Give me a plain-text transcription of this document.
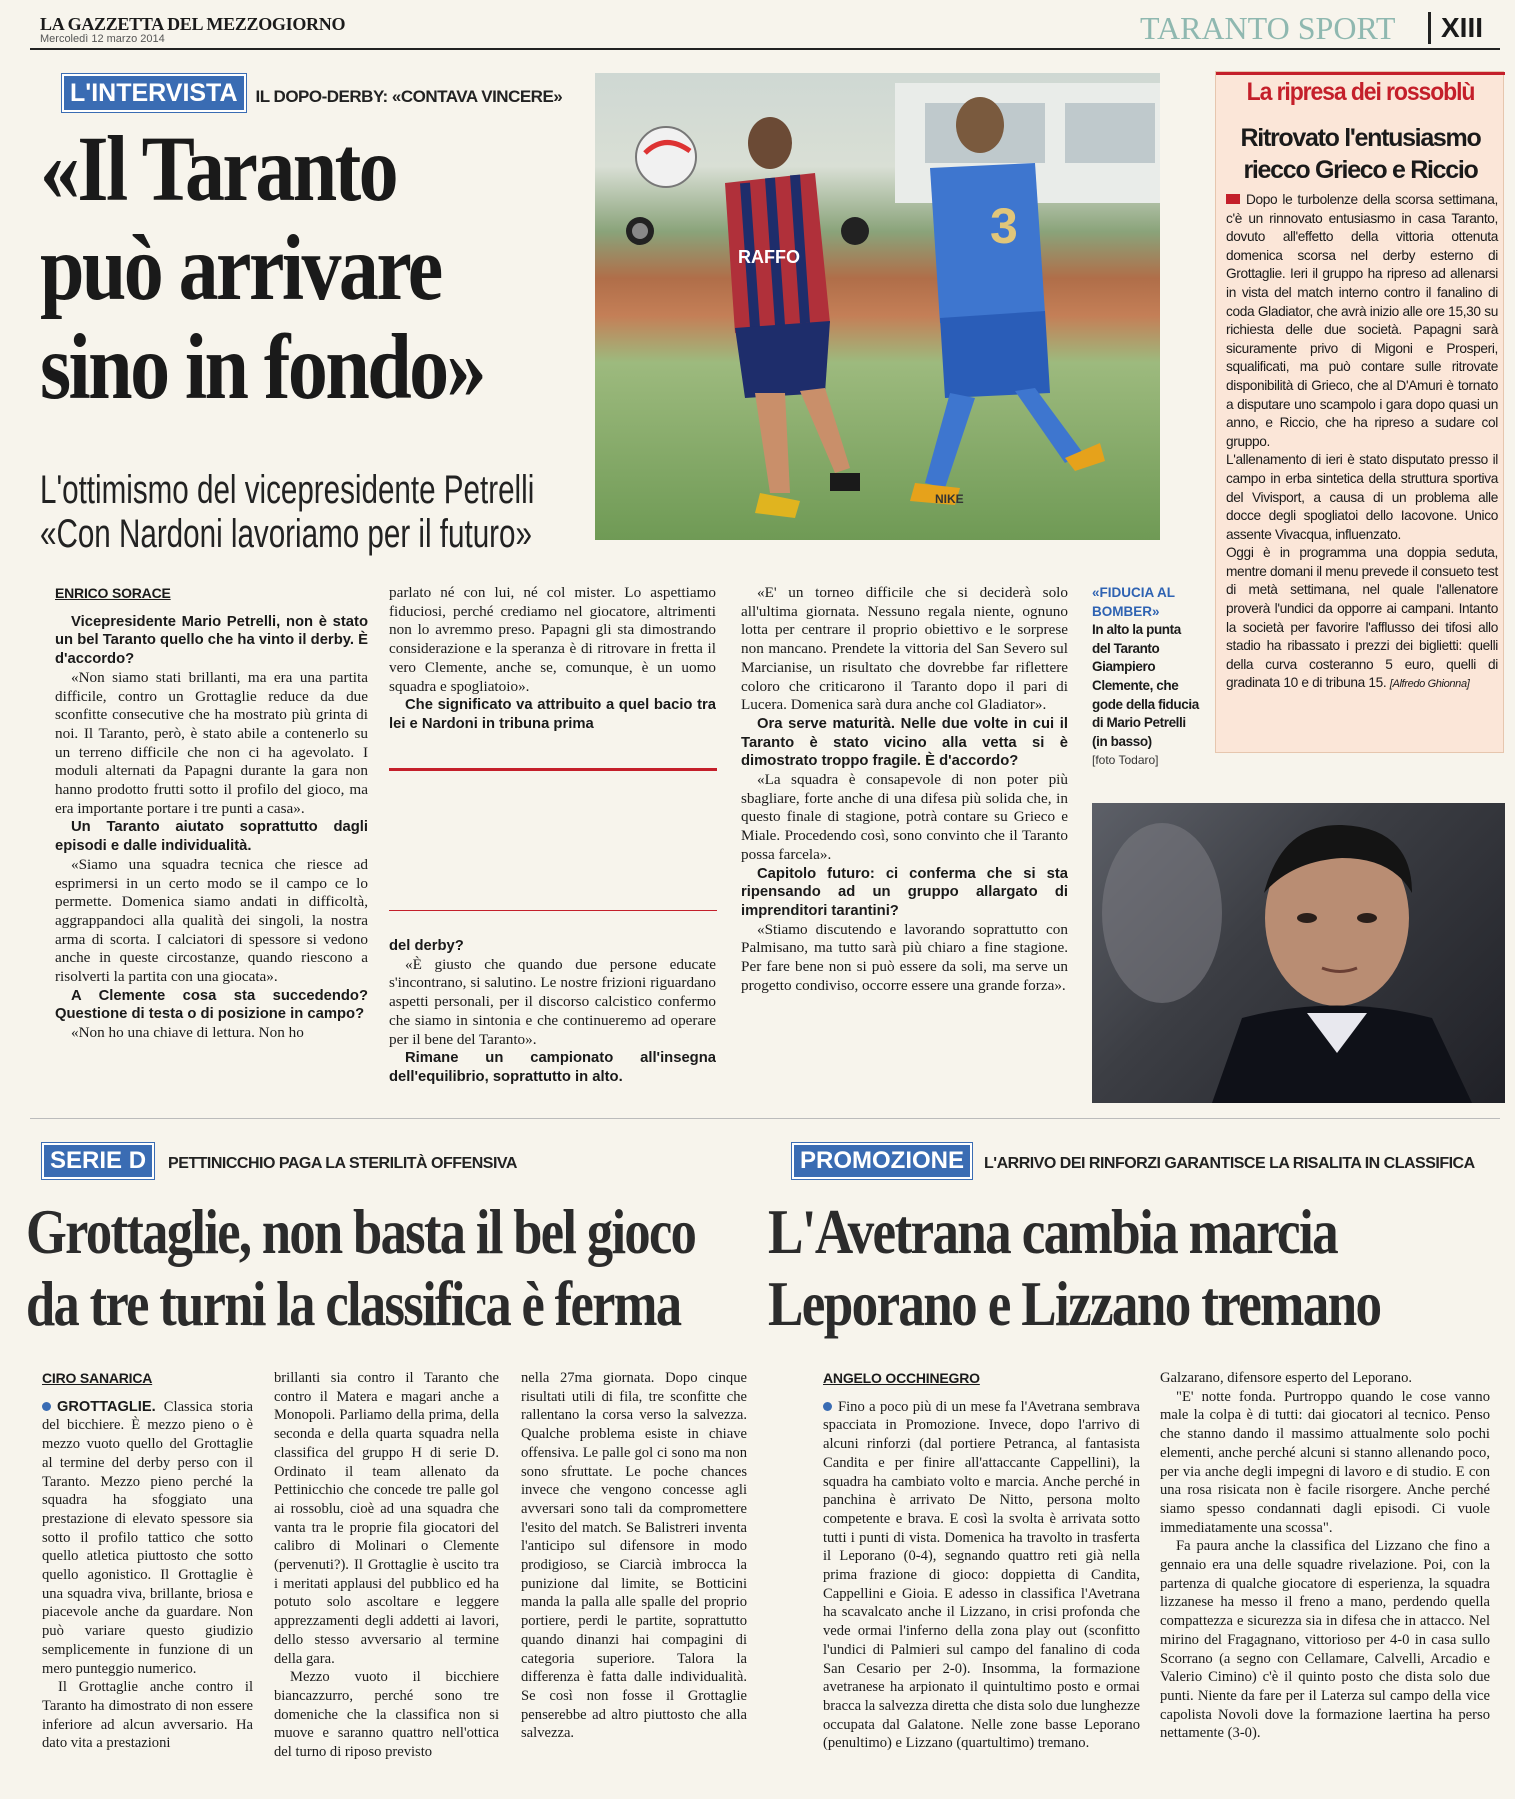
LA GAZZETTA DEL MEZZOGIORNO
Mercoledì 12 marzo 2014	TARANTO SPORT	XIII
L'INTERVISTA IL DOPO-DERBY: «CONTAVA VINCERE»
«Il Taranto
può arrivare
sino in fondo»
L'ottimismo del vicepresidente Petrelli
«Con Nardoni lavoriamo per il futuro»
RAFFO
3
NIKE
La ripresa dei rossoblù
Ritrovato l'entusiasmo
riecco Grieco e Riccio

Dopo le turbolenze della scorsa settimana, c'è un rinnovato entusiasmo in casa Taranto, dovuto all'effetto della vittoria ottenuta domenica scorsa nel derby esterno di Grottaglie. Ieri il gruppo ha ripreso ad allenarsi in vista del match interno contro il fanalino di coda Gladiator, che avrà inizio alle ore 15,30 su richiesta delle due società. Papagni sarà sicuramente privo di Migoni e Prosperi, squalificati, ma può contare sulle ritrovate disponibilità di Grieco, che al D'Amuri è tornato a disputare uno scampolo i gara dopo quasi un anno, e Riccio, che ha ripreso a sudare col gruppo.

L'allenamento di ieri è stato disputato presso il campo in erba sintetica della struttura sportiva del Vivisport, a causa di un problema alle docce degli spogliatoi dello Iacovone. Unico assente Vivacqua, influenzato.

Oggi è in programma una doppia seduta, mentre domani il menu prevede il consueto test di metà settimana, nel quale l'allenatore proverà l'undici da opporre ai campani. Intanto la società per favorire l'afflusso dei tifosi allo stadio ha ribassato i prezzi dei biglietti: quelli della curva costeranno 5 euro, quelli di gradinata 10 e di tribuna 15. [Alfredo Ghionna]

ENRICO SORACE

Vicepresidente Mario Petrelli, non è stato un bel Taranto quello che ha vinto il derby. È d'accordo?

«Non siamo stati brillanti, ma era una partita difficile, contro un Grottaglie reduce da due sconfitte consecutive che ha mostrato più grinta di noi. Il Taranto, però, è stato abile a contenerlo su un terreno difficile che non ci ha agevolato. I moduli alternati da Papagni durante la gara non hanno prodotto frutti sotto il profilo del gioco, ma era importante portare i tre punti a casa».

Un Taranto aiutato soprattutto dagli episodi e dalle individualità.

«Siamo una squadra tecnica che riesce ad esprimersi in un certo modo se il campo ce lo permette. Domenica siamo andati in difficoltà, aggrappandoci alla qualità dei singoli, la nostra arma di scorta. I calciatori di spessore si vedono anche in queste circostanze, quando riescono a risolverti la partita con una giocata».

A Clemente cosa sta succedendo? Questione di testa o di posizione in campo?

«Non ho una chiave di lettura. Non ho

parlato né con lui, né col mister. Lo aspettiamo fiduciosi, perché crediamo nel giocatore, altrimenti non lo avremmo preso. Papagni gli sta dimostrando considerazione e la speranza è di ritrovare in fretta il vero Clemente, anche se, comunque, è un uomo squadra e spogliatoio».

Che significato va attribuito a quel bacio tra lei e Nardoni in tribuna prima

del derby?

«È giusto che quando due persone educate s'incontrano, si salutino. Le nostre frizioni riguardano aspetti personali, per il discorso calcistico confermo che siamo in sintonia e che continueremo ad operare per il bene del Taranto».

Rimane un campionato all'insegna dell'equilibrio, soprattutto in alto.

«E' un torneo difficile che si deciderà solo all'ultima giornata. Nessuno regala niente, ognuno lotta per centrare il proprio obiettivo e le sorprese non mancano. Prendete la vittoria del San Severo sul Marcianise, un risultato che dovrebbe far riflettere coloro che criticarono il Taranto dopo il pari di Lucera. Domenica sarà dura anche col Gladiator».

Ora serve maturità. Nelle due volte in cui il Taranto è stato vicino alla vetta si è dimostrato troppo fragile. È d'accordo?

«La squadra è consapevole di non poter più sbagliare, forte anche di una difesa più solida che, in questo finale di stagione, potrà contare su Grieco e Miale. Procedendo così, sono convinto che il Taranto possa farcela».

Capitolo futuro: ci conferma che si sta ripensando ad un gruppo allargato di imprenditori tarantini?

«Stiamo discutendo e lavorando soprattutto con Palmisano, ma tutto sarà più chiaro a fine stagione. Per fare bene non si può essere da soli, ma serve un progetto condiviso, occorre essere una grande forza».

«FIDUCIA AL BOMBER»
In alto la punta del Taranto Giampiero Clemente, che gode della fiducia di Mario Petrelli (in basso)
[foto Todaro]
SERIE D PETTINICCHIO PAGA LA STERILITÀ OFFENSIVA
Grottaglie, non basta il bel gioco
da tre turni la classifica è ferma
CIRO SANARICA

GROTTAGLIE. Classica storia del bicchiere. È mezzo pieno o è mezzo vuoto quello del Grottaglie al termine del derby perso con il Taranto. Mezzo pieno perché la squadra ha sfoggiato una prestazione di elevato spessore sia sotto il profilo tattico che sotto quello atletica piuttosto che sotto quello agonistico. Il Grottaglie è una squadra viva, brillante, briosa e piacevole anche da guardare. Non può variare questo giudizio semplicemente in funzione di un mero punteggio numerico.

Il Grottaglie anche contro il Taranto ha dimostrato di non essere inferiore ad alcun avversario. Ha dato vita a prestazioni

brillanti sia contro il Taranto che contro il Matera e magari anche a Monopoli. Parliamo della prima, della seconda e della quarta squadra nella classifica del gruppo H di serie D. Ordinato il team allenato da Pettinicchio che concede tre palle gol ai rossoblu, cioè ad una squadra che vanta tra le proprie fila giocatori del calibro di Molinari o Clemente (pervenuti?). Il Grottaglie è uscito tra i meritati applausi del pubblico ed ha potuto solo ascoltare e leggere apprezzamenti degli addetti ai lavori, dello stesso avversario al termine della gara.

Mezzo vuoto il bicchiere biancazzurro, perché sono tre domeniche che la classifica non si muove e saranno quattro nell'ottica del turno di riposo previsto

nella 27ma giornata. Dopo cinque risultati utili di fila, tre sconfitte che rallentano la corsa verso la salvezza. Qualche problema esiste in chiave offensiva. Le palle gol ci sono ma non sono sfruttate. Le poche chances invece che vengono concesse agli avversari sono tali da compromettere l'esito del match. Se Balistreri inventa l'anticipo sul difensore in modo prodigioso, se Ciarcià imbrocca la punizione dal limite, se Botticini manda la palla alle spalle del proprio portiere, perdi le partite, soprattutto quando dinanzi hai compagini di categoria superiore. Talora la differenza è fatta dalle individualità. Se così non fosse il Grottaglie penserebbe ad altro piuttosto che alla salvezza.

PROMOZIONE L'ARRIVO DEI RINFORZI GARANTISCE LA RISALITA IN CLASSIFICA
L'Avetrana cambia marcia
Leporano e Lizzano tremano
ANGELO OCCHINEGRO

Fino a poco più di un mese fa l'Avetrana sembrava spacciata in Promozione. Invece, dopo l'arrivo di alcuni rinforzi (dal portiere Petranca, al fantasista Candita e per finire all'attaccante Cappellini), la squadra ha cambiato volto e marcia. Anche perché in panchina è arrivato De Nitto, persona molto competente e brava. E così la svolta è arrivata sotto tutti i punti di vista. Domenica ha travolto in trasferta il Leporano (0-4), segnando quattro reti già nella prima frazione di gioco: doppietta di Candita, Cappellini e Gioia. E adesso in classifica l'Avetrana ha scavalcato anche il Lizzano, in crisi profonda che vede ormai l'inferno della zona play out (sconfitto l'undici di Palmieri sul campo del fanalino di coda San Cesario per 2-0). Insomma, la formazione avetranese ha arpionato il quintultimo posto e ormai bracca la salvezza diretta che dista solo due lunghezze occupata dal Galatone. Nelle zone basse Leporano (penultimo) e Lizzano (quartultimo) tremano.

Galzarano, difensore esperto del Leporano.

"E' notte fonda. Purtroppo quando le cose vanno male la colpa è di tutti: dai giocatori al tecnico. Penso che stanno dando il massimo attualmente solo pochi elementi, anche perché alcuni si stanno allenando poco, per via anche degli impegni di lavoro e di studio. E con una rosa risicata non è facile risorgere. Anche perché siamo spesso condannati dagli episodi. Ci vuole immediatamente una scossa".

Fa paura anche la classifica del Lizzano che fino a gennaio era una delle squadre rivelazione. Poi, con la partenza di qualche giocatore di esperienza, la squadra lizzanese ha messo il freno a mano, perdendo quella compattezza e sicurezza sia in difesa che in attacco. Nel mirino del Fragagnano, vittorioso per 4-0 in casa sullo Scorrano (a segno con Cellamare, Calvelli, Arcadio e Valerio Cimino) c'è il quinto posto che dista solo due punti. Niente da fare per il Laterza sul campo della vice capolista Novoli dove la formazione laertina ha perso nettamente (3-0).
